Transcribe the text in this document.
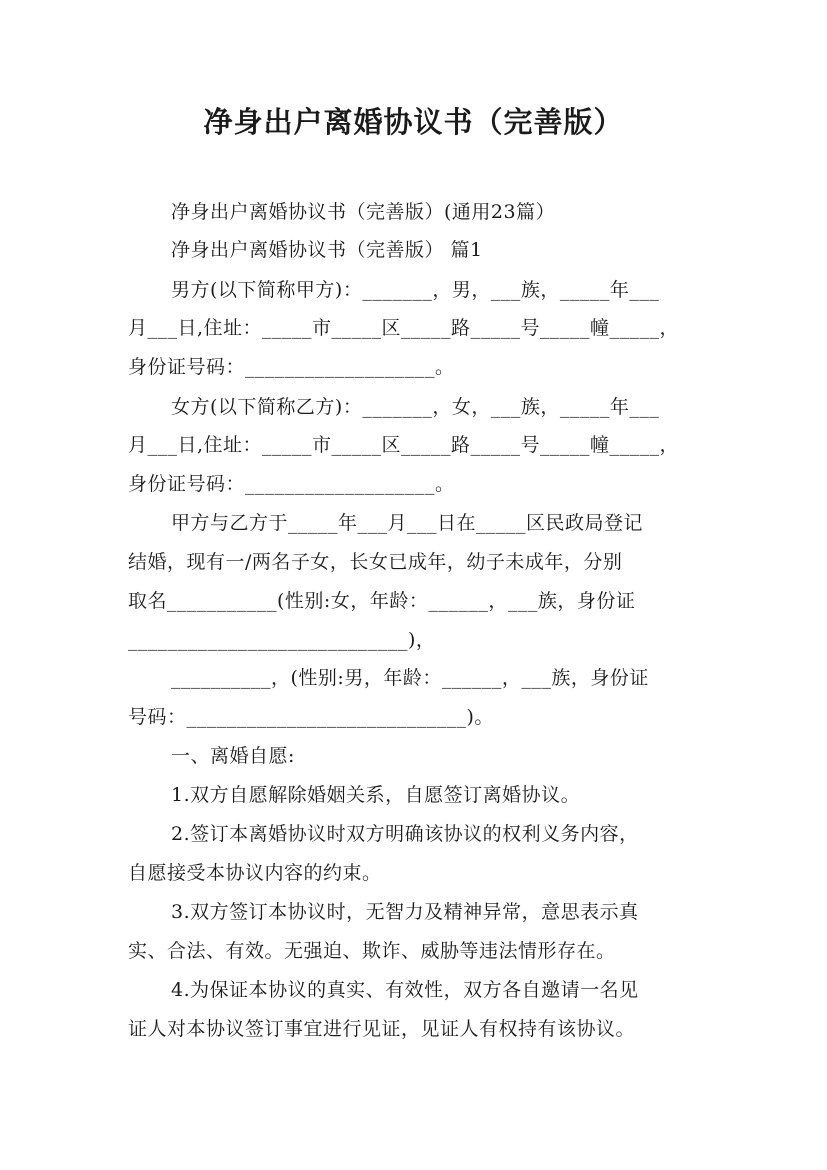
净身出户离婚协议书（完善版）
净身出户离婚协议书（完善版）(通用23篇）
净身出户离婚协议书（完善版） 篇1
男方(以下简称甲方)：_______，男，___族，_____年___
月___日,住址：_____市_____区_____路_____号_____幢_____，
身份证号码：___________________。
女方(以下简称乙方)：_______，女，___族，_____年___
月___日,住址：_____市_____区_____路_____号_____幢_____，
身份证号码：___________________。
甲方与乙方于_____年___月___日在_____区民政局登记
结婚，现有一/两名子女，长女已成年，幼子未成年，分别
取名___________(性别:女，年龄：______，___族，身份证
____________________________)，
__________，(性别:男，年龄：______，___族，身份证
号码：____________________________)。
一、离婚自愿:
1.双方自愿解除婚姻关系，自愿签订离婚协议。
2.签订本离婚协议时双方明确该协议的权利义务内容，
自愿接受本协议内容的约束。
3.双方签订本协议时，无智力及精神异常，意思表示真
实、合法、有效。无强迫、欺诈、威胁等违法情形存在。
4.为保证本协议的真实、有效性，双方各自邀请一名见
证人对本协议签订事宜进行见证，见证人有权持有该协议。
